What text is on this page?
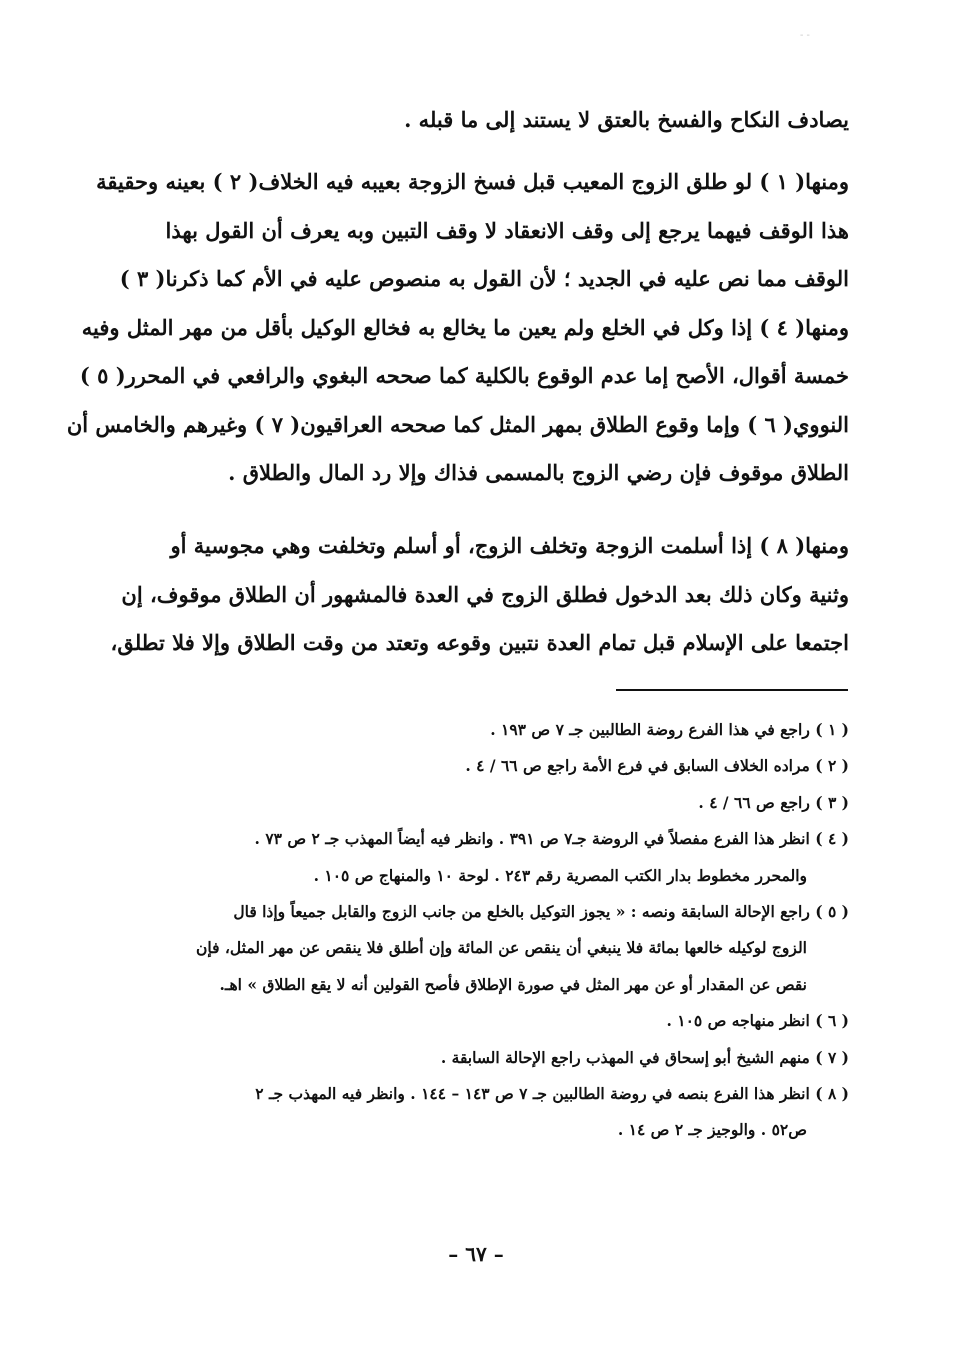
‐ ‐
يصادف النكاح والفسخ بالعتق لا يستند إلى ما قبله .
ومنها( ١ ) لو طلق الزوج المعيب قبل فسخ الزوجة بعيبه فيه الخلاف( ٢ ) بعينه وحقيقة
هذا الوقف فيهما يرجع إلى وقف الانعقاد لا وقف التبين وبه يعرف أن القول بهذا
الوقف مما نص عليه في الجديد ؛ لأن القول به منصوص عليه في الأم كما ذكرنا( ٣ )
ومنها( ٤ ) إذا وكل في الخلع ولم يعين ما يخالع به فخالع الوكيل بأقل من مهر المثل وفيه
خمسة أقوال، الأصح إما عدم الوقوع بالكلية كما صححه البغوي والرافعي في المحرر( ٥ )
النووي( ٦ ) وإما وقوع الطلاق بمهر المثل كما صححه العراقيون( ٧ ) وغيرهم والخامس أن
الطلاق موقوف فإن رضي الزوج بالمسمى فذاك وإلا رد المال والطلاق .
ومنها( ٨ ) إذا أسلمت الزوجة وتخلف الزوج، أو أسلم وتخلفت وهي مجوسية أو
وثنية وكان ذلك بعد الدخول فطلق الزوج في العدة فالمشهور أن الطلاق موقوف، إن
اجتمعا على الإسلام قبل تمام العدة نتبين وقوعه وتعتد من وقت الطلاق وإلا فلا تطلق،
( ١ ) راجع في هذا الفرع روضة الطالبين جـ ٧ ص ١٩٣ .
( ٢ ) مراده الخلاف السابق في فرع الأمة راجع ص ٦٦ / ٤ .
( ٣ ) راجع ص ٦٦ / ٤ .
( ٤ ) انظر هذا الفرع مفصلاً في الروضة جـ٧ ص ٣٩١ . وانظر فيه أيضاً المهذب جـ ٢ ص ٧٣ .
والمحرر مخطوط بدار الكتب المصرية رقم ٢٤٣ . لوحة ١٠ والمنهاج ص ١٠٥ .
( ٥ ) راجع الإحالة السابقة ونصه : « يجوز التوكيل بالخلع من جانب الزوج والقابل جميعاً وإذا قال
الزوج لوكيله خالعها بمائة فلا ينبغي أن ينقص عن المائة وإن أطلق فلا ينقص عن مهر المثل، فإن
نقص عن المقدار أو عن مهر المثل في صورة الإطلاق فأصح القولين أنه لا يقع الطلاق » اهـ.
( ٦ ) انظر منهاجه ص ١٠٥ .
( ٧ ) منهم الشيخ أبو إسحاق في المهذب راجع الإحالة السابقة .
( ٨ ) انظر هذا الفرع بنصه في روضة الطالبين جـ ٧ ص ١٤٣ – ١٤٤ . وانظر فيه المهذب جـ ٢
ص٥٢ . والوجيز جـ ٢ ص ١٤ .
– ٦٧ –
